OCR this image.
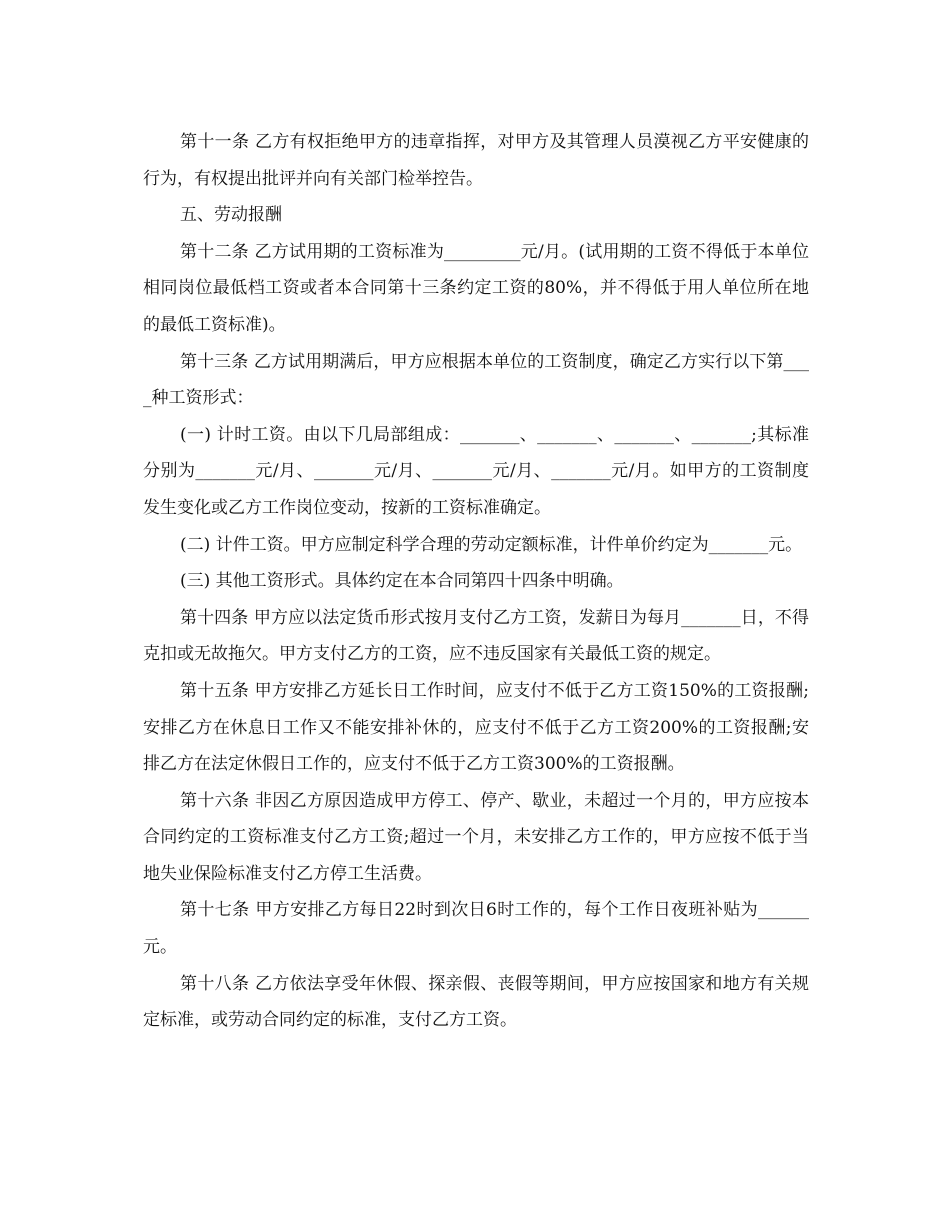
第十一条 乙方有权拒绝甲方的违章指挥，对甲方及其管理人员漠视乙方平安健康的行为，有权提出批评并向有关部门检举控告。

五、劳动报酬

第十二条 乙方试用期的工资标准为_________元/月。(试用期的工资不得低于本单位相同岗位最低档工资或者本合同第十三条约定工资的80%，并不得低于用人单位所在地的最低工资标准)。

第十三条 乙方试用期满后，甲方应根据本单位的工资制度，确定乙方实行以下第____种工资形式：

(一) 计时工资。由以下几局部组成：_______、_______、_______、_______;其标准分别为_______元/月、_______元/月、_______元/月、_______元/月。如甲方的工资制度发生变化或乙方工作岗位变动，按新的工资标准确定。

(二) 计件工资。甲方应制定科学合理的劳动定额标准，计件单价约定为_______元。

(三) 其他工资形式。具体约定在本合同第四十四条中明确。

第十四条 甲方应以法定货币形式按月支付乙方工资，发薪日为每月_______日，不得克扣或无故拖欠。甲方支付乙方的工资，应不违反国家有关最低工资的规定。

第十五条 甲方安排乙方延长日工作时间，应支付不低于乙方工资150%的工资报酬;安排乙方在休息日工作又不能安排补休的，应支付不低于乙方工资200%的工资报酬;安排乙方在法定休假日工作的，应支付不低于乙方工资300%的工资报酬。

第十六条 非因乙方原因造成甲方停工、停产、歇业，未超过一个月的，甲方应按本合同约定的工资标准支付乙方工资;超过一个月，未安排乙方工作的，甲方应按不低于当地失业保险标准支付乙方停工生活费。

第十七条 甲方安排乙方每日22时到次日6时工作的，每个工作日夜班补贴为______元。

第十八条 乙方依法享受年休假、探亲假、丧假等期间，甲方应按国家和地方有关规定标准，或劳动合同约定的标准，支付乙方工资。
